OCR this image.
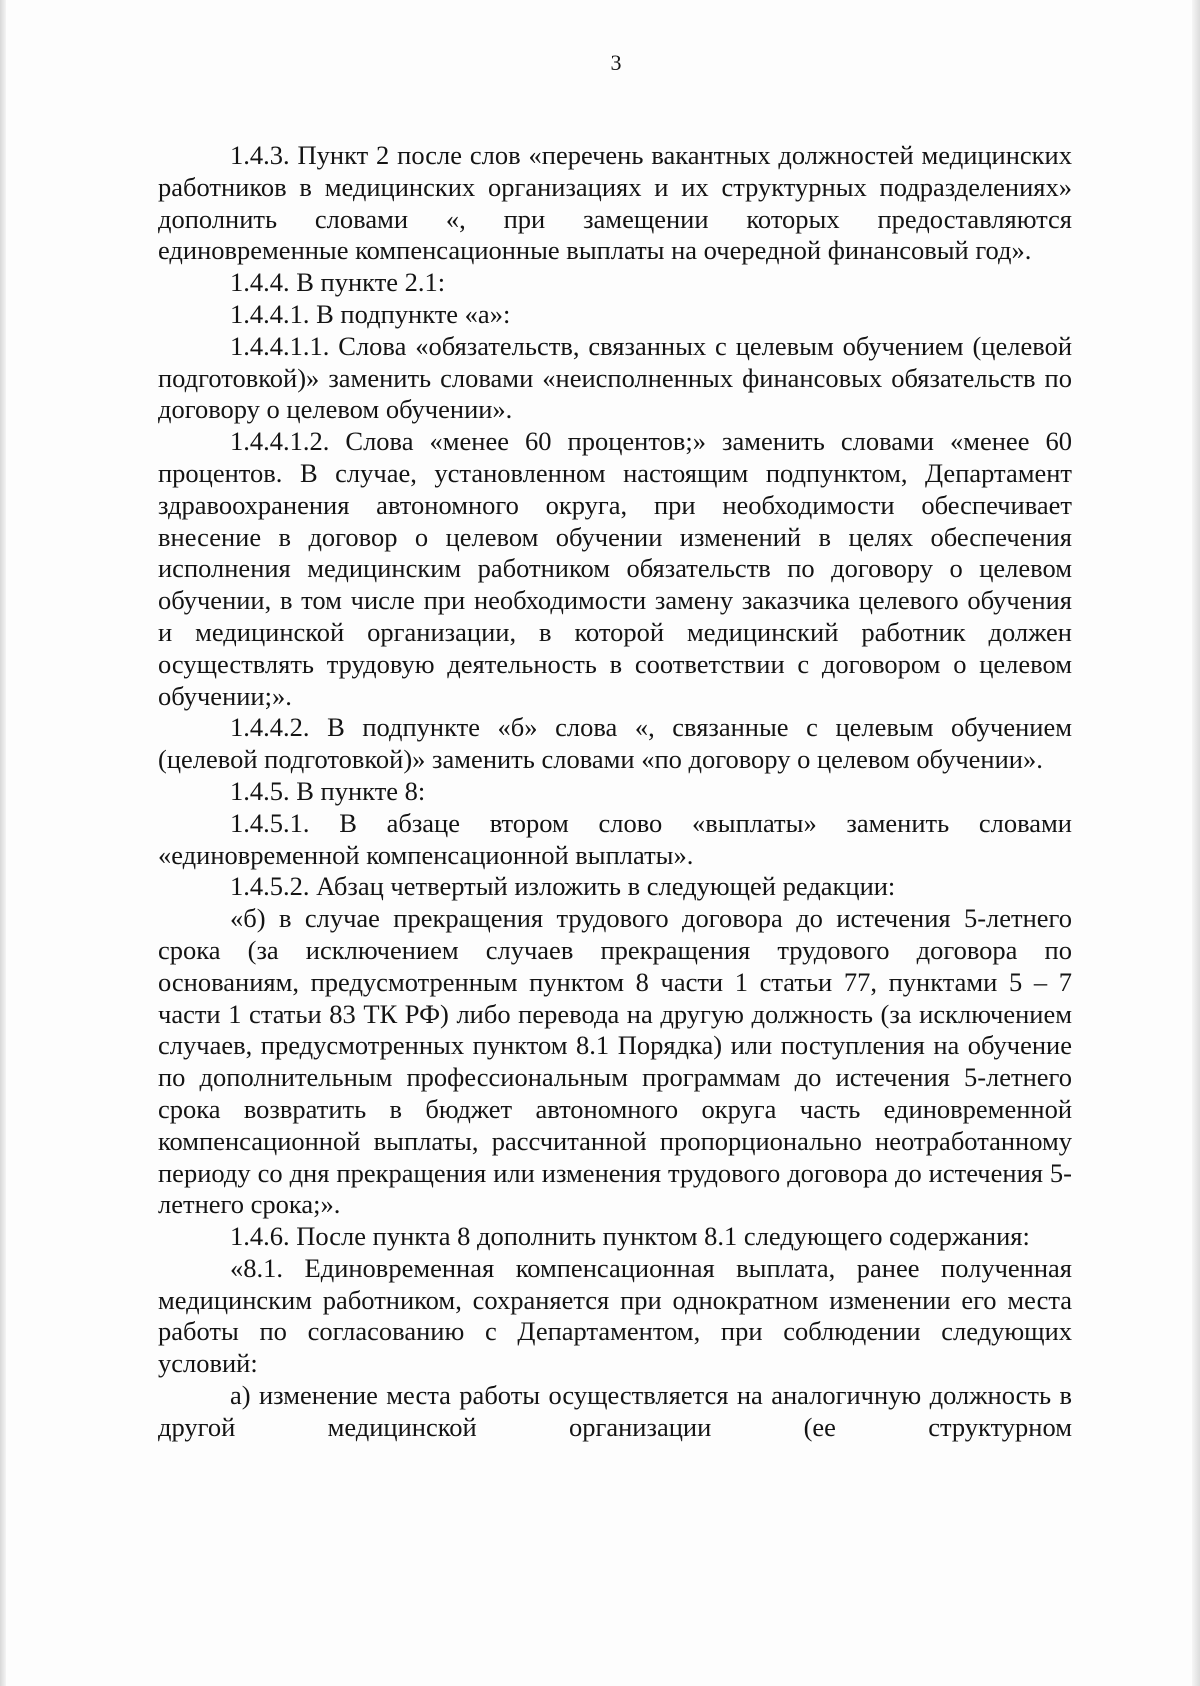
3

1.4.3. Пункт 2 после слов «перечень вакантных должностей медицинских работников в медицинских организациях и их структурных подразделениях» дополнить словами «, при замещении которых предоставляются единовременные компенсационные выплаты на очередной финансовый год».

1.4.4. В пункте 2.1:

1.4.4.1. В подпункте «а»:

1.4.4.1.1. Слова «обязательств, связанных с целевым обучением (целевой подготовкой)» заменить словами «неисполненных финансовых обязательств по договору о целевом обучении».

1.4.4.1.2. Слова «менее 60 процентов;» заменить словами «менее 60 процентов. В случае, установленном настоящим подпунктом, Департамент здравоохранения автономного округа, при необходимости обеспечивает внесение в договор о целевом обучении изменений в целях обеспечения исполнения медицинским работником обязательств по договору о целевом обучении, в том числе при необходимости замену заказчика целевого обучения и медицинской организации, в которой медицинский работник должен осуществлять трудовую деятельность в соответствии с договором о целевом обучении;».

1.4.4.2. В подпункте «б» слова «, связанные с целевым обучением (целевой подготовкой)» заменить словами «по договору о целевом обучении».

1.4.5. В пункте 8:

1.4.5.1. В абзаце втором слово «выплаты» заменить словами «единовременной компенсационной выплаты».

1.4.5.2. Абзац четвертый изложить в следующей редакции:

«б) в случае прекращения трудового договора до истечения 5-летнего срока (за исключением случаев прекращения трудового договора по основаниям, предусмотренным пунктом 8 части 1 статьи 77, пунктами 5 – 7 части 1 статьи 83 ТК РФ) либо перевода на другую должность (за исключением случаев, предусмотренных пунктом 8.1 Порядка) или поступления на обучение по дополнительным профессиональным программам до истечения 5-летнего срока возвратить в бюджет автономного округа часть единовременной компенсационной выплаты, рассчитанной пропорционально неотработанному периоду со дня прекращения или изменения трудового договора до истечения 5-летнего срока;».

1.4.6. После пункта 8 дополнить пунктом 8.1 следующего содержания:

«8.1. Единовременная компенсационная выплата, ранее полученная медицинским работником, сохраняется при однократном изменении его места работы по согласованию с Департаментом, при соблюдении следующих условий:

а) изменение места работы осуществляется на аналогичную должность в другой медицинской организации (ее структурном
